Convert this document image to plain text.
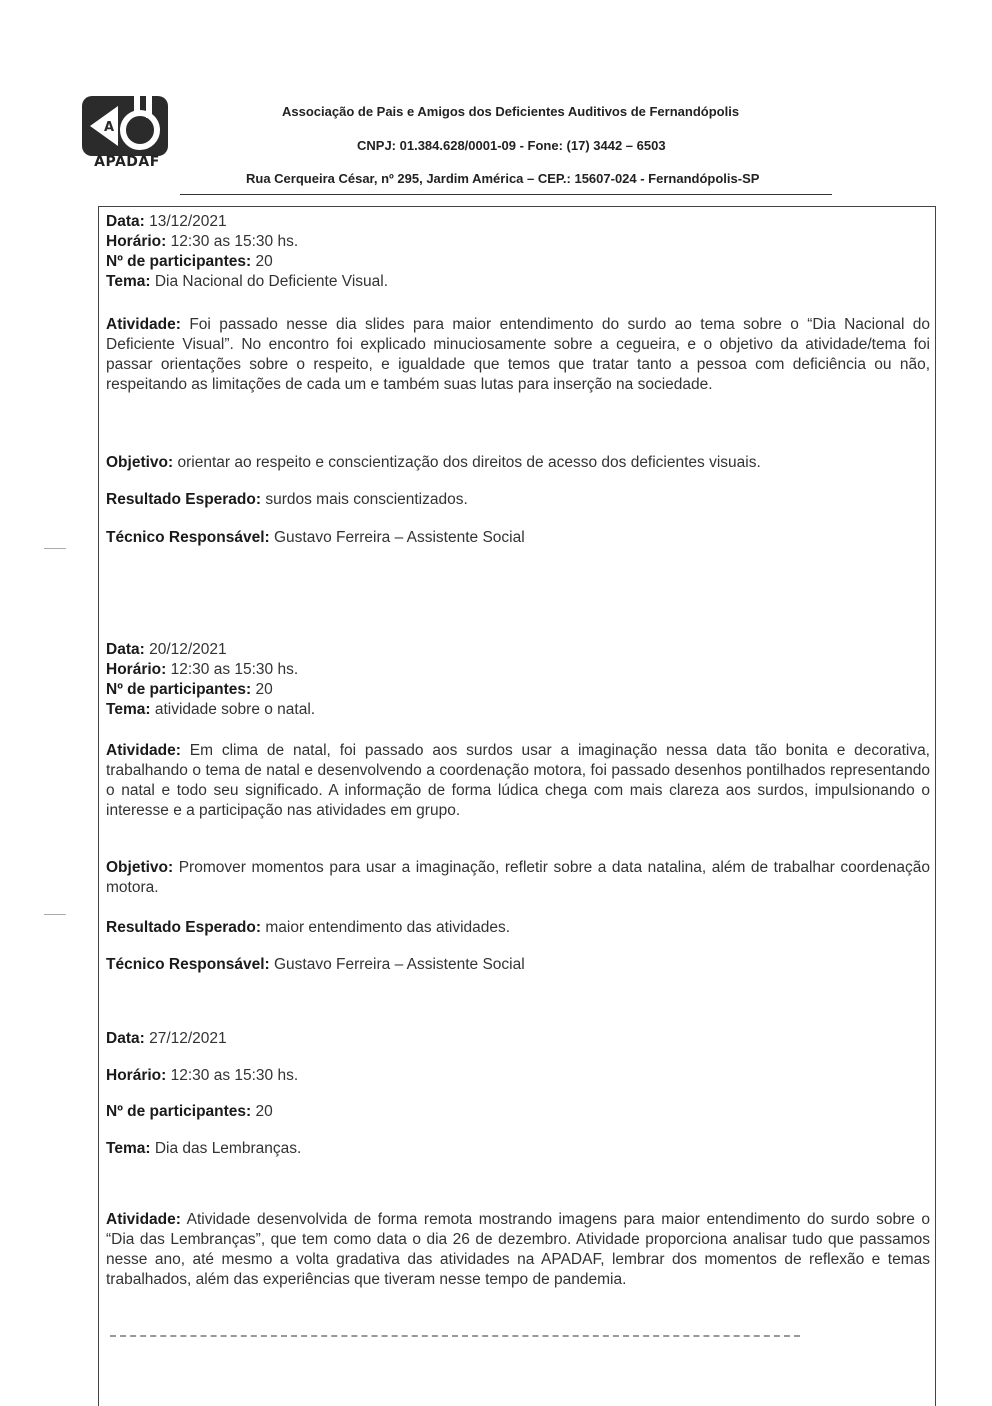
A
APADAF
Associação de Pais e Amigos dos Deficientes Auditivos de Fernandópolis
CNPJ: 01.384.628/0001-09 - Fone: (17) 3442 – 6503
Rua Cerqueira César, nº 295, Jardim América – CEP.: 15607-024 - Fernandópolis-SP

Data: 13/12/2021

Horário: 12:30 as 15:30 hs.

Nº de participantes: 20

Tema: Dia Nacional do Deficiente Visual.

Atividade: Foi passado nesse dia slides para maior entendimento do surdo ao tema sobre o “Dia Nacional do Deficiente Visual”. No encontro foi explicado minuciosamente sobre a cegueira, e o objetivo da atividade/tema foi passar orientações sobre o respeito, e igualdade que temos que tratar tanto a pessoa com deficiência ou não, respeitando as limitações de cada um e também suas lutas para inserção na sociedade.

Objetivo: orientar ao respeito e conscientização dos direitos de acesso dos deficientes visuais.

Resultado Esperado: surdos mais conscientizados.

Técnico Responsável: Gustavo Ferreira – Assistente Social

Data: 20/12/2021

Horário: 12:30 as 15:30 hs.

Nº de participantes: 20

Tema: atividade sobre o natal.

Atividade: Em clima de natal, foi passado aos surdos usar a imaginação nessa data tão bonita e decorativa, trabalhando o tema de natal e desenvolvendo a coordenação motora, foi passado desenhos pontilhados representando o natal e todo seu significado. A informação de forma lúdica chega com mais clareza aos surdos, impulsionando o interesse e a participação nas atividades em grupo.

Objetivo: Promover momentos para usar a imaginação, refletir sobre a data natalina, além de trabalhar coordenação motora.

Resultado Esperado: maior entendimento das atividades.

Técnico Responsável: Gustavo Ferreira – Assistente Social

Data: 27/12/2021

Horário: 12:30 as 15:30 hs.

Nº de participantes: 20

Tema: Dia das Lembranças.

Atividade: Atividade desenvolvida de forma remota mostrando imagens para maior entendimento do surdo sobre o “Dia das Lembranças”, que tem como data o dia 26 de dezembro. Atividade proporciona analisar tudo que passamos nesse ano, até mesmo a volta gradativa das atividades na APADAF, lembrar dos momentos de reflexão e temas trabalhados, além das experiências que tiveram nesse tempo de pandemia.
